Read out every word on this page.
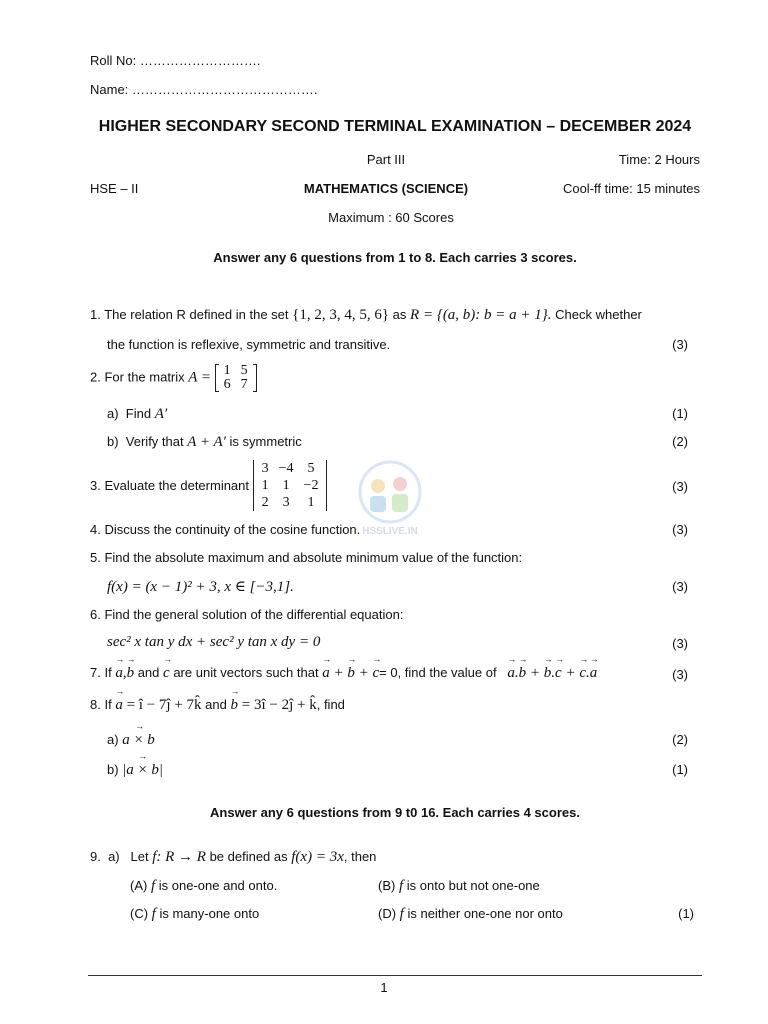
Roll No: ……………………….
Name: …………………………………….
HIGHER SECONDARY SECOND TERMINAL EXAMINATION – DECEMBER 2024
Part III	Time: 2 Hours
HSE – II	MATHEMATICS (SCIENCE)	Cool-ff time: 15 minutes
Maximum : 60 Scores
Answer any 6 questions from 1 to 8. Each carries 3 scores.
1. The relation R defined in the set {1, 2, 3, 4, 5, 6} as R = {(a, b): b = a + 1}. Check whether
the function is reflexive, symmetric and transitive.	(3)
2. For the matrix A = 1	5
6	7
a) Find A′	(1)
b) Verify that A + A′ is symmetric	(2)
3. Evaluate the determinant
3	−4	5
1	1	−2
2	3	1
(3)
HSSLIVE.IN
4. Discuss the continuity of the cosine function.	(3)
5. Find the absolute maximum and absolute minimum value of the function:
f(x) = (x − 1)² + 3, x ∈ [−3,1].	(3)
6. Find the general solution of the differential equation:
sec² x tan y dx + sec² y tan x dy = 0	(3)
7. If a →,b → and c → are unit vectors such that a → + b → + c →= 0, find the value of a →.b → + b →.c → + c →.a →	(3)
8. If a → = î − 7ĵ + 7k̂ and b → = 3î − 2ĵ + k̂, find
a) a × b →	(2)
b) |a × b| →	(1)
Answer any 6 questions from 9 t0 16. Each carries 4 scores.
9. a) Let f: R → R be defined as f(x) = 3x, then
(A) f is one-one and onto.	(B) f is onto but not one-one
(C) f is many-one onto	(D) f is neither one-one nor onto	(1)
1
